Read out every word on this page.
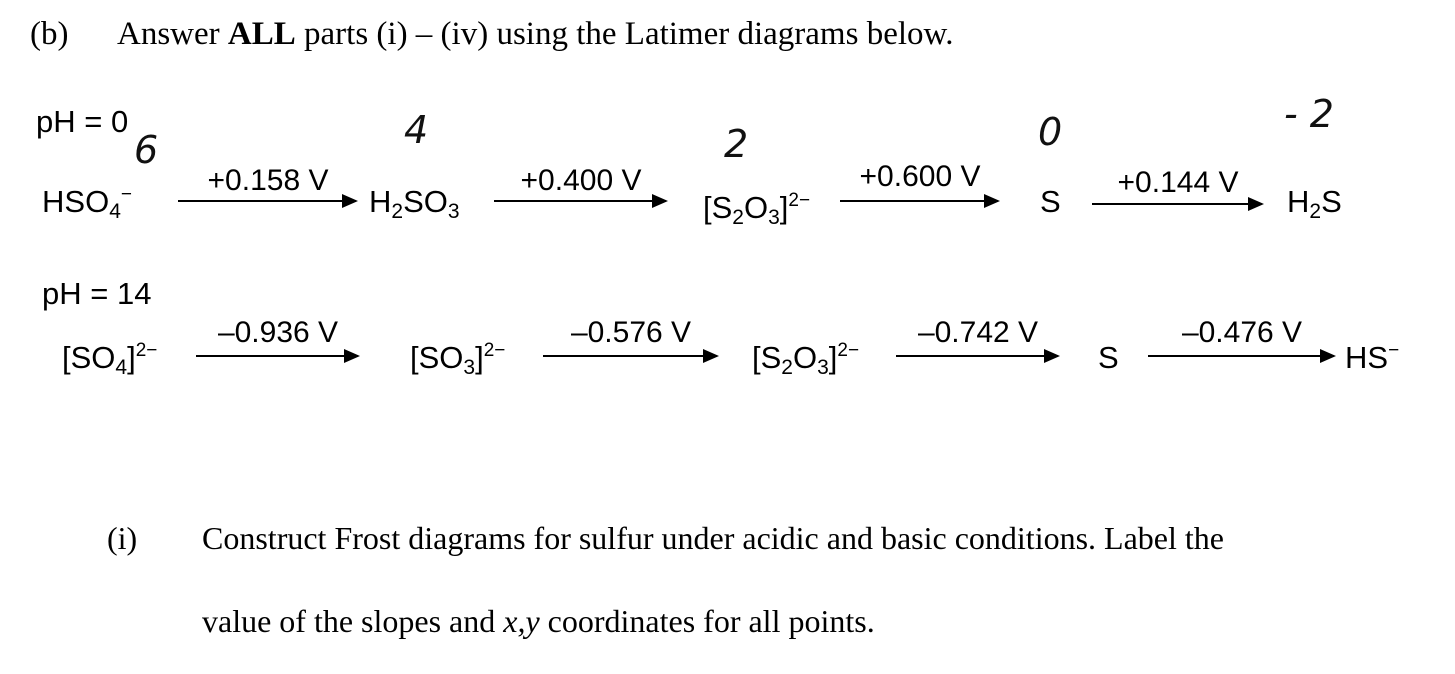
(b) Answer ALL parts (i) – (iv) using the Latimer diagrams below.
pH = 0
6	4	2	0	- 2
$HSO_4^-$	$H_2SO_3$	$[S_2O_3]^{2-}$	S	$H_2S$
+0.158 V	+0.400 V	+0.600 V	+0.144 V
pH = 14
$[SO_4]^{2-}$	$[SO_3]^{2-}$	$[S_2O_3]^{2-}$	S	HS−
–0.936 V	–0.576 V	–0.742 V	–0.476 V
(i) Construct Frost diagrams for sulfur under acidic and basic conditions. Label the
value of the slopes and x,y coordinates for all points.
